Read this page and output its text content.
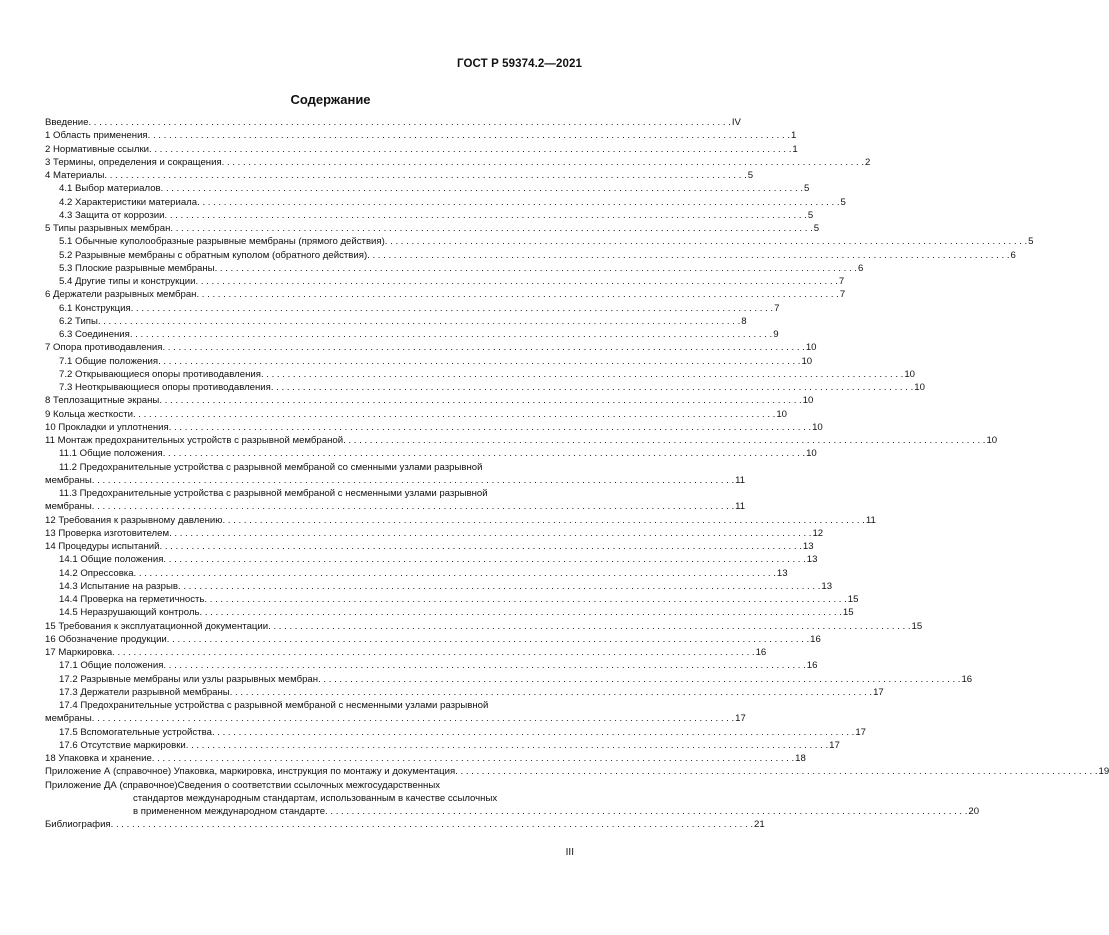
ГОСТ Р 59374.2—2021
Содержание
Введение . . .	IV
1 Область применения . . .	1
2 Нормативные ссылки . . .	1
3 Термины, определения и сокращения . . .	2
4 Материалы . . .	5
4.1 Выбор материалов . . .	5
4.2 Характеристики материала . . .	5
4.3 Защита от коррозии . . .	5
5 Типы разрывных мембран . . .	5
5.1 Обычные куполообразные разрывные мембраны (прямого действия) . . .	5
5.2 Разрывные мембраны с обратным куполом (обратного действия) . . .	6
5.3 Плоские разрывные мембраны . . .	6
5.4 Другие типы и конструкции . . .	7
6 Держатели разрывных мембран . . .	7
6.1 Конструкция . . .	7
6.2 Типы . . .	8
6.3 Соединения . . .	9
7 Опора противодавления . . .	10
7.1 Общие положения . . .	10
7.2 Открывающиеся опоры противодавления . . .	10
7.3 Неоткрывающиеся опоры противодавления . . .	10
8 Теплозащитные экраны . . .	10
9 Кольца жесткости . . .	10
10 Прокладки и уплотнения . . .	10
11 Монтаж предохранительных устройств с разрывной мембраной . . .	10
11.1 Общие положения . . .	10
11.2 Предохранительные устройства с разрывной мембраной со сменными узлами разрывной
мембраны . . .	11
11.3 Предохранительные устройства с разрывной мембраной с несменными узлами разрывной
мембраны . . .	11
12 Требования к разрывному давлению . . .	11
13 Проверка изготовителем . . .	12
14 Процедуры испытаний . . .	13
14.1 Общие положения . . .	13
14.2 Опрессовка . . .	13
14.3 Испытание на разрыв . . .	13
14.4 Проверка на герметичность . . .	15
14.5 Неразрушающий контроль . . .	15
15 Требования к эксплуатационной документации . . .	15
16 Обозначение продукции . . .	16
17 Маркировка . . .	16
17.1 Общие положения . . .	16
17.2 Разрывные мембраны или узлы разрывных мембран . . .	16
17.3 Держатели разрывной мембраны . . .	17
17.4 Предохранительные устройства с разрывной мембраной с несменными узлами разрывной
мембраны . . .	17
17.5 Вспомогательные устройства . . .	17
17.6 Отсутствие маркировки . . .	17
18 Упаковка и хранение . . .	18
Приложение А (справочное) Упаковка, маркировка, инструкция по монтажу и документация . . .	19
Приложение ДА (справочное) Сведения о соответствии ссылочных межгосударственных
стандартов международным стандартам, использованным в качестве ссылочных
в примененном международном стандарте . . .	20
Библиография . . .	21
III
